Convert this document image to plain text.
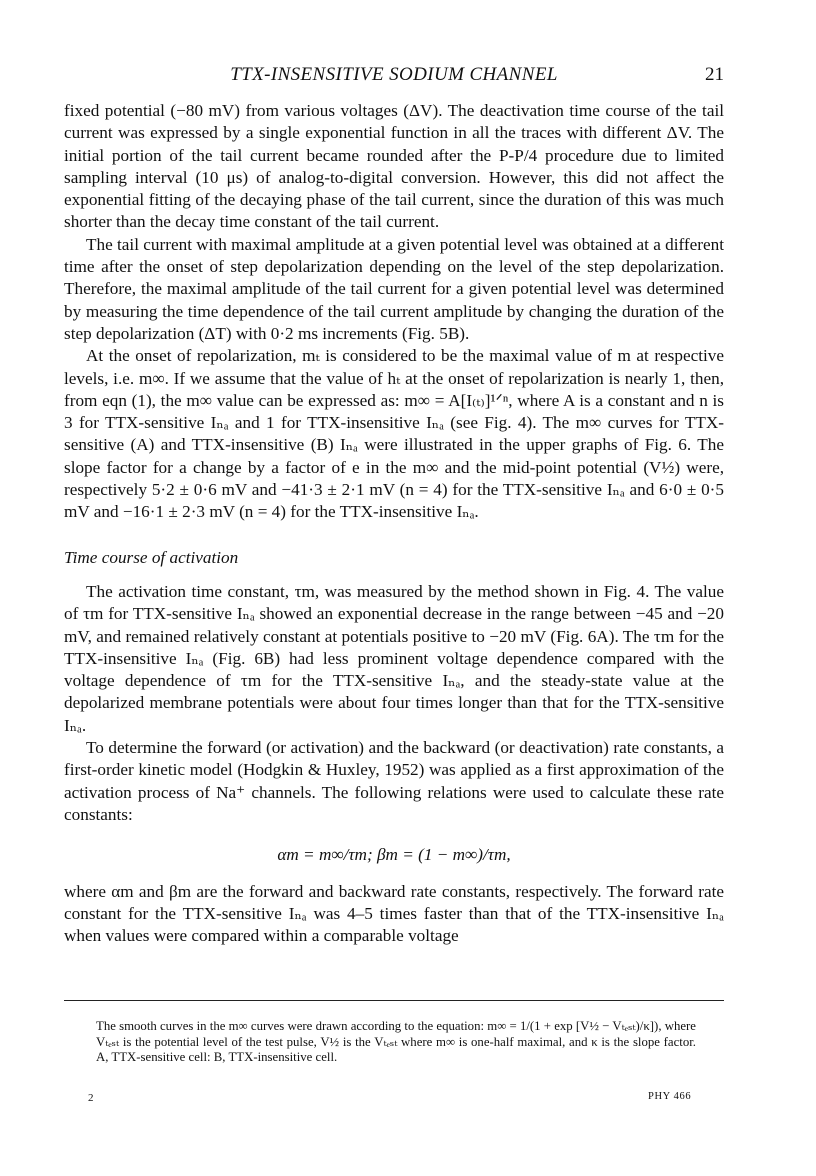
TTX-INSENSITIVE SODIUM CHANNEL	21

fixed potential (−80 mV) from various voltages (ΔV). The deactivation time course of the tail current was expressed by a single exponential function in all the traces with different ΔV. The initial portion of the tail current became rounded after the P-P/4 procedure due to limited sampling interval (10 μs) of analog-to-digital conversion. However, this did not affect the exponential fitting of the decaying phase of the tail current, since the duration of this was much shorter than the decay time constant of the tail current.

The tail current with maximal amplitude at a given potential level was obtained at a different time after the onset of step depolarization depending on the level of the step depolarization. Therefore, the maximal amplitude of the tail current for a given potential level was determined by measuring the time dependence of the tail current amplitude by changing the duration of the step depolarization (ΔT) with 0·2 ms increments (Fig. 5B).

At the onset of repolarization, mₜ is considered to be the maximal value of m at respective levels, i.e. m∞. If we assume that the value of hₜ at the onset of repolarization is nearly 1, then, from eqn (1), the m∞ value can be expressed as: m∞ = A[I₍ₜ₎]¹ᐟⁿ, where A is a constant and n is 3 for TTX-sensitive Iₙₐ and 1 for TTX-insensitive Iₙₐ (see Fig. 4). The m∞ curves for TTX-sensitive (A) and TTX-insensitive (B) Iₙₐ were illustrated in the upper graphs of Fig. 6. The slope factor for a change by a factor of e in the m∞ and the mid-point potential (V½) were, respectively 5·2 ± 0·6 mV and −41·3 ± 2·1 mV (n = 4) for the TTX-sensitive Iₙₐ and 6·0 ± 0·5 mV and −16·1 ± 2·3 mV (n = 4) for the TTX-insensitive Iₙₐ.

Time course of activation

The activation time constant, τm, was measured by the method shown in Fig. 4. The value of τm for TTX-sensitive Iₙₐ showed an exponential decrease in the range between −45 and −20 mV, and remained relatively constant at potentials positive to −20 mV (Fig. 6A). The τm for the TTX-insensitive Iₙₐ (Fig. 6B) had less prominent voltage dependence compared with the voltage dependence of τm for the TTX-sensitive Iₙₐ, and the steady-state value at the depolarized membrane potentials were about four times longer than that for the TTX-sensitive Iₙₐ.

To determine the forward (or activation) and the backward (or deactivation) rate constants, a first-order kinetic model (Hodgkin & Huxley, 1952) was applied as a first approximation of the activation process of Na⁺ channels. The following relations were used to calculate these rate constants:

αm = m∞/τm; βm = (1 − m∞)/τm,

where αm and βm are the forward and backward rate constants, respectively. The forward rate constant for the TTX-sensitive Iₙₐ was 4–5 times faster than that of the TTX-insensitive Iₙₐ when values were compared within a comparable voltage

The smooth curves in the m∞ curves were drawn according to the equation: m∞ = 1/(1 + exp [V½ − Vₜₑₛₜ)/κ]), where Vₜₑₛₜ is the potential level of the test pulse, V½ is the Vₜₑₛₜ where m∞ is one-half maximal, and κ is the slope factor. A, TTX-sensitive cell: B, TTX-insensitive cell.
2	PHY 466
